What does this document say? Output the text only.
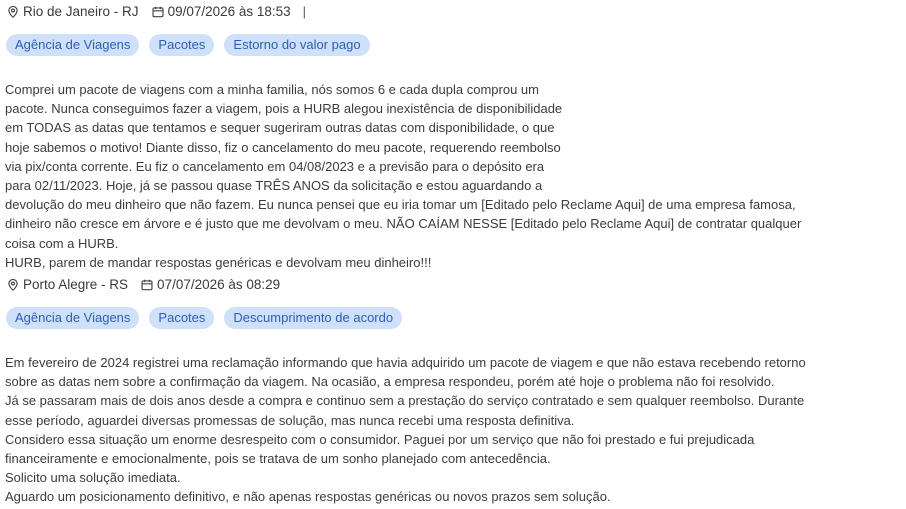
Rio de Janeiro - RJ 09/07/2026 às 18:53 |
Agência de Viagens	Pacotes	Estorno do valor pago

Comprei um pacote de viagens com a minha familia, nós somos 6 e cada dupla comprou um

pacote. Nunca conseguimos fazer a viagem, pois a HURB alegou inexistência de disponibilidade

em TODAS as datas que tentamos e sequer sugeriram outras datas com disponibilidade, o que

hoje sabemos o motivo! Diante disso, fiz o cancelamento do meu pacote, requerendo reembolso

via pix/conta corrente. Eu fiz o cancelamento em 04/08/2023 e a previsão para o depósito era

para 02/11/2023. Hoje, já se passou quase TRÊS ANOS da solicitação e estou aguardando a

devolução do meu dinheiro que não fazem. Eu nunca pensei que eu iria tomar um [Editado pelo Reclame Aqui] de uma empresa famosa,

dinheiro não cresce em árvore e é justo que me devolvam o meu. NÃO CAÍAM NESSE [Editado pelo Reclame Aqui] de contratar qualquer

coisa com a HURB.

HURB, parem de mandar respostas genéricas e devolvam meu dinheiro!!!

Porto Alegre - RS 07/07/2026 às 08:29
Agência de Viagens	Pacotes	Descumprimento de acordo

Em fevereiro de 2024 registrei uma reclamação informando que havia adquirido um pacote de viagem e que não estava recebendo retorno

sobre as datas nem sobre a confirmação da viagem. Na ocasião, a empresa respondeu, porém até hoje o problema não foi resolvido.

Já se passaram mais de dois anos desde a compra e continuo sem a prestação do serviço contratado e sem qualquer reembolso. Durante

esse período, aguardei diversas promessas de solução, mas nunca recebi uma resposta definitiva.

Considero essa situação um enorme desrespeito com o consumidor. Paguei por um serviço que não foi prestado e fui prejudicada

financeiramente e emocionalmente, pois se tratava de um sonho planejado com antecedência.

Solicito uma solução imediata.

Aguardo um posicionamento definitivo, e não apenas respostas genéricas ou novos prazos sem solução.
